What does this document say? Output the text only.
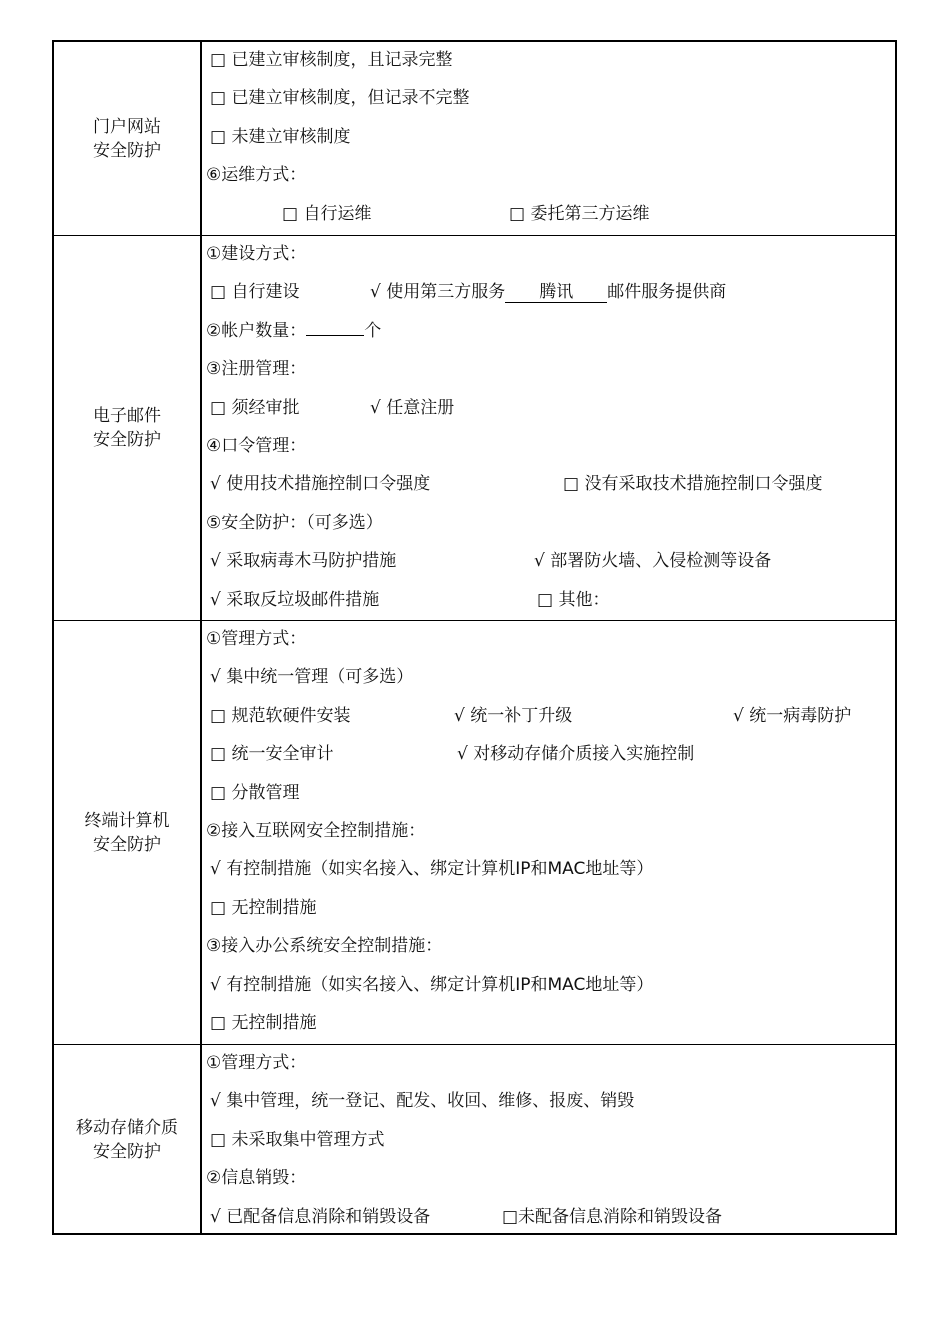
门户网站
安全防护
□ 已建立审核制度，且记录完整
□ 已建立审核制度，但记录不完整
□ 未建立审核制度
⑥运维方式：
□ 自行运维	□ 委托第三方运维
电子邮件
安全防护
①建设方式：
□ 自行建设	√ 使用第三方服务 腾讯 邮件服务提供商
②帐户数量：	个
③注册管理：
□ 须经审批	√ 任意注册
④口令管理：
√ 使用技术措施控制口令强度	□ 没有采取技术措施控制口令强度
⑤安全防护：（可多选）
√ 采取病毒木马防护措施	√ 部署防火墙、入侵检测等设备
√ 采取反垃圾邮件措施	□ 其他：
终端计算机
安全防护
①管理方式：
√ 集中统一管理（可多选）
□ 规范软硬件安装	√ 统一补丁升级	√ 统一病毒防护
□ 统一安全审计	√ 对移动存储介质接入实施控制
□ 分散管理
②接入互联网安全控制措施：
√ 有控制措施（如实名接入、绑定计算机IP和MAC地址等）
□ 无控制措施
③接入办公系统安全控制措施：
√ 有控制措施（如实名接入、绑定计算机IP和MAC地址等）
□ 无控制措施
移动存储介质
安全防护
①管理方式：
√ 集中管理，统一登记、配发、收回、维修、报废、销毁
□ 未采取集中管理方式
②信息销毁：
√ 已配备信息消除和销毁设备	□未配备信息消除和销毁设备
